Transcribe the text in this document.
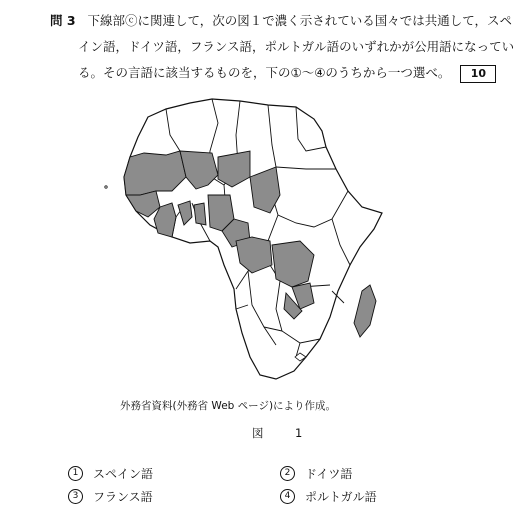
問 3 下線部ⓒに関連して，次の図１で濃く示されている国々では共通して，スペ
イン語，ドイツ語，フランス語，ポルトガル語のいずれかが公用語になってい
る。その言語に該当するものを，下の①～④のうちから一つ選べ。 10
外務省資料(外務省 Web ページ)により作成。
図　1
1	スペイン語	2	ドイツ語
3	フランス語	4	ポルトガル語
